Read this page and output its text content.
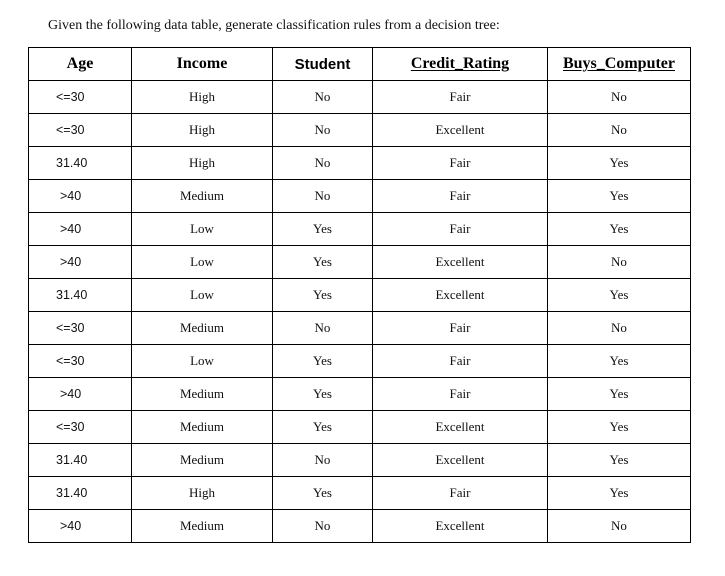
Given the following data table, generate classification rules from a decision tree:
Age	Income	Student	Credit_Rating	Buys_Computer
<=30	High	No	Fair	No
<=30	High	No	Excellent	No
31.40	High	No	Fair	Yes
>40	Medium	No	Fair	Yes
>40	Low	Yes	Fair	Yes
>40	Low	Yes	Excellent	No
31.40	Low	Yes	Excellent	Yes
<=30	Medium	No	Fair	No
<=30	Low	Yes	Fair	Yes
>40	Medium	Yes	Fair	Yes
<=30	Medium	Yes	Excellent	Yes
31.40	Medium	No	Excellent	Yes
31.40	High	Yes	Fair	Yes
>40	Medium	No	Excellent	No
